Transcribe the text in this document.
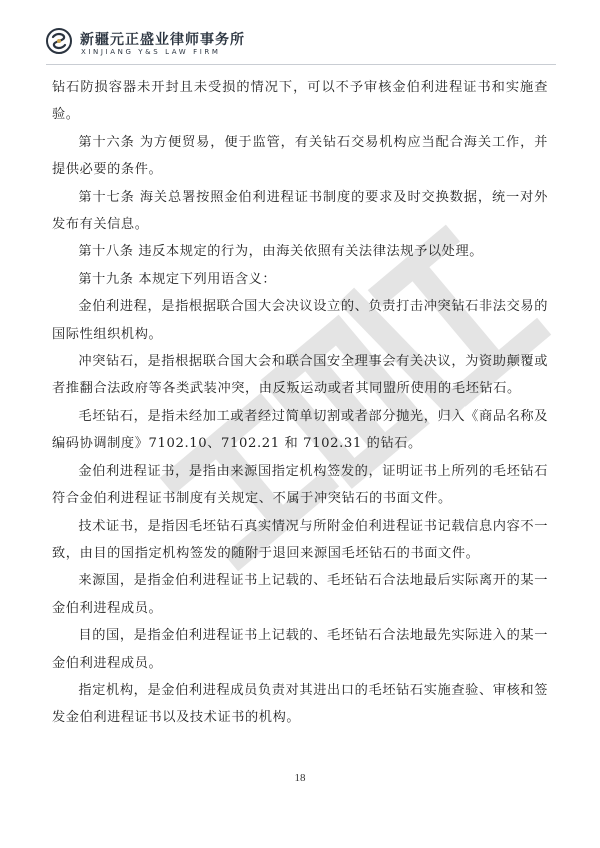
新疆元正盛业律师事务所
XINJIANG Y&S LAW FIRM

钻石防损容器未开封且未受损的情况下，可以不予审核金伯利进程证书和实施查验。

第十六条 为方便贸易，便于监管，有关钻石交易机构应当配合海关工作，并提供必要的条件。

第十七条 海关总署按照金伯利进程证书制度的要求及时交换数据，统一对外发布有关信息。

第十八条 违反本规定的行为，由海关依照有关法律法规予以处理。

第十九条 本规定下列用语含义：

金伯利进程，是指根据联合国大会决议设立的、负责打击冲突钻石非法交易的国际性组织机构。

冲突钻石，是指根据联合国大会和联合国安全理事会有关决议，为资助颠覆或者推翻合法政府等各类武装冲突，由反叛运动或者其同盟所使用的毛坯钻石。

毛坯钻石，是指未经加工或者经过简单切割或者部分抛光，归入《商品名称及编码协调制度》7102.10、7102.21 和 7102.31 的钻石。

金伯利进程证书，是指由来源国指定机构签发的，证明证书上所列的毛坯钻石符合金伯利进程证书制度有关规定、不属于冲突钻石的书面文件。

技术证书，是指因毛坯钻石真实情况与所附金伯利进程证书记载信息内容不一致，由目的国指定机构签发的随附于退回来源国毛坯钻石的书面文件。

来源国，是指金伯利进程证书上记载的、毛坯钻石合法地最后实际离开的某一金伯利进程成员。

目的国，是指金伯利进程证书上记载的、毛坯钻石合法地最先实际进入的某一金伯利进程成员。

指定机构，是金伯利进程成员负责对其进出口的毛坯钻石实施查验、审核和签发金伯利进程证书以及技术证书的机构。

18
